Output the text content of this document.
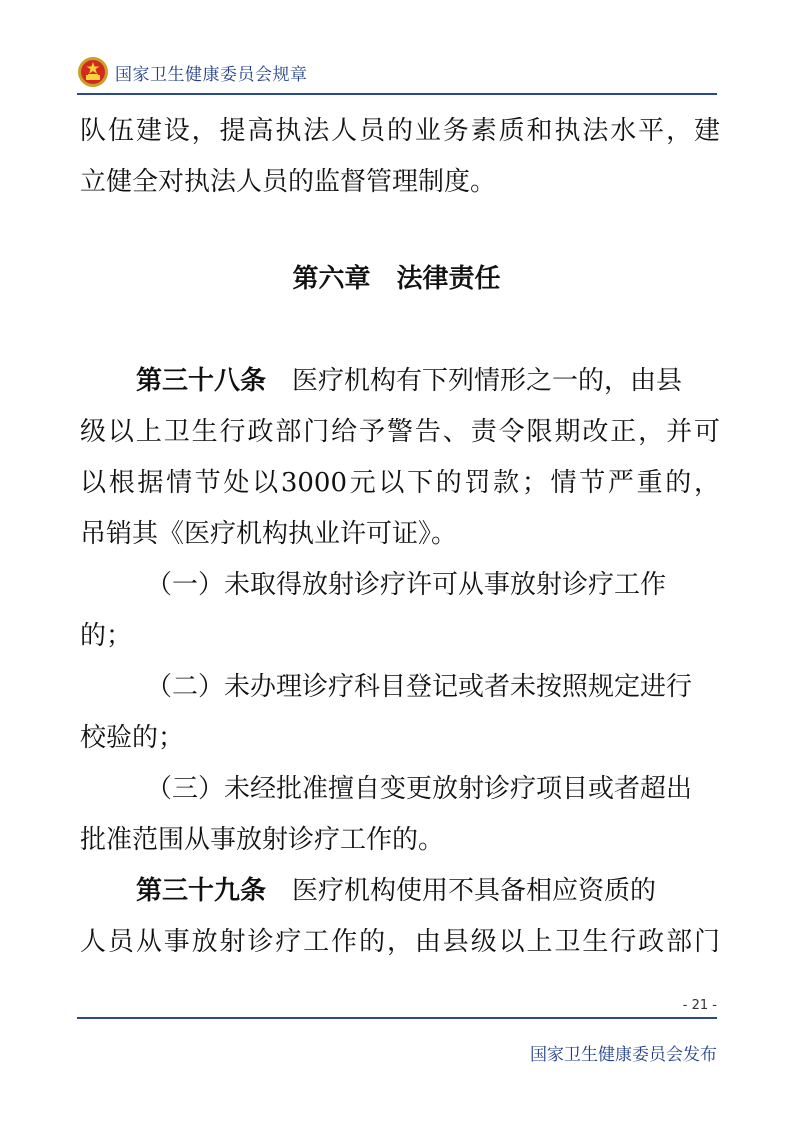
国家卫生健康委员会规章
队伍建设，提高执法人员的业务素质和执法水平，建
立健全对执法人员的监督管理制度。
第六章　法律责任
第三十八条 医疗机构有下列情形之一的，由县
级以上卫生行政部门给予警告、责令限期改正，并可
以根据情节处以3000元以下的罚款；情节严重的，
吊销其《医疗机构执业许可证》。
（一）未取得放射诊疗许可从事放射诊疗工作
的；
（二）未办理诊疗科目登记或者未按照规定进行
校验的；
（三）未经批准擅自变更放射诊疗项目或者超出
批准范围从事放射诊疗工作的。
第三十九条 医疗机构使用不具备相应资质的
人员从事放射诊疗工作的，由县级以上卫生行政部门
- 21 -
国家卫生健康委员会发布
